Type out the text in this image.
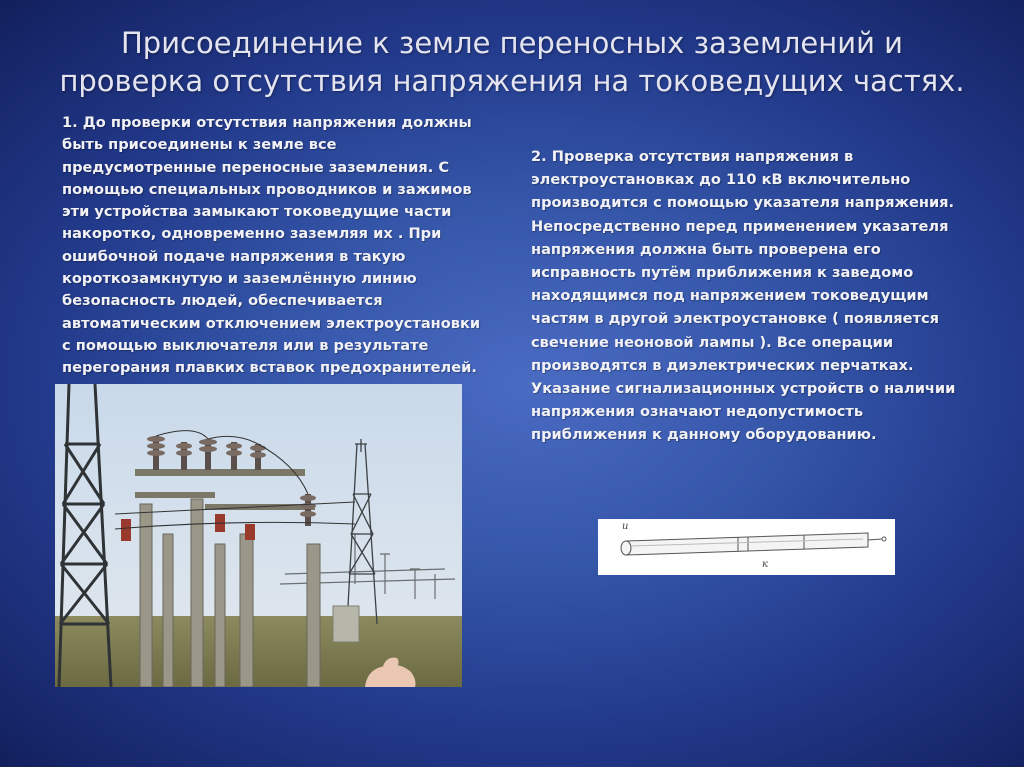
Присоединение к земле переносных заземлений и проверка отсутствия напряжения на токоведущих частях.
1. До проверки отсутствия напряжения должны
быть присоединены к земле все
предусмотренные переносные заземления. С
помощью специальных проводников и зажимов
эти устройства замыкают токоведущие части
накоротко, одновременно заземляя их . При
ошибочной подаче напряжения в такую
короткозамкнутую и заземлённую линию
безопасность людей, обеспечивается
автоматическим отключением электроустановки
с помощью выключателя или в результате
перегорания плавких вставок предохранителей.
2. Проверка отсутствия напряжения в
электроустановках до 110 кВ включительно
производится с помощью указателя напряжения.
Непосредственно перед применением указателя
напряжения должна быть проверена его
исправность путём приближения к заведомо
находящимся под напряжением токоведущим
частям в другой электроустановке ( появляется
свечение неоновой лампы ). Все операции
производятся в диэлектрических перчатках.
Указание сигнализационных устройств о наличии
напряжения означают недопустимость
приближения к данному оборудованию.
и
к
